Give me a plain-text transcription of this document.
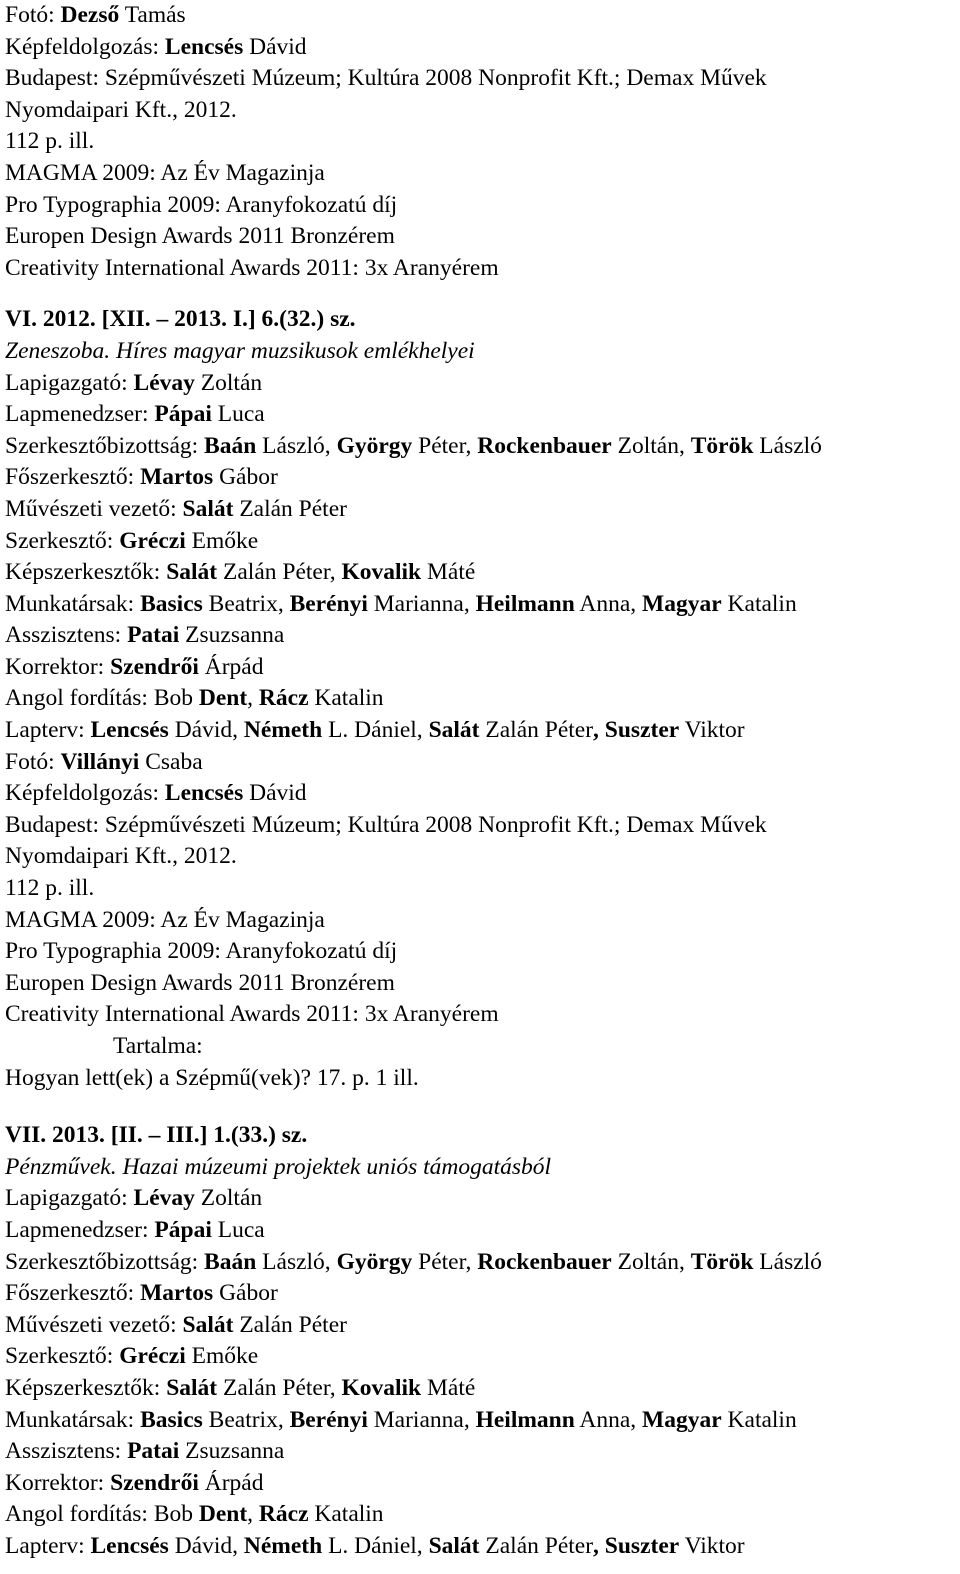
Fotó: Dezső Tamás
Képfeldolgozás: Lencsés Dávid
Budapest: Szépművészeti Múzeum; Kultúra 2008 Nonprofit Kft.; Demax Művek
Nyomdaipari Kft., 2012.
112 p. ill.
MAGMA 2009: Az Év Magazinja
Pro Typographia 2009: Aranyfokozatú díj
Europen Design Awards 2011 Bronzérem
Creativity International Awards 2011: 3x Aranyérem
VI. 2012. [XII. – 2013. I.] 6.(32.) sz.
Zeneszoba. Híres magyar muzsikusok emlékhelyei
Lapigazgató: Lévay Zoltán
Lapmenedzser: Pápai Luca
Szerkesztőbizottság: Baán László, György Péter, Rockenbauer Zoltán, Török László
Főszerkesztő: Martos Gábor
Művészeti vezető: Salát Zalán Péter
Szerkesztő: Gréczi Emőke
Képszerkesztők: Salát Zalán Péter, Kovalik Máté
Munkatársak: Basics Beatrix, Berényi Marianna, Heilmann Anna, Magyar Katalin
Asszisztens: Patai Zsuzsanna
Korrektor: Szendrői Árpád
Angol fordítás: Bob Dent, Rácz Katalin
Lapterv: Lencsés Dávid, Németh L. Dániel, Salát Zalán Péter, Suszter Viktor
Fotó: Villányi Csaba
Képfeldolgozás: Lencsés Dávid
Budapest: Szépművészeti Múzeum; Kultúra 2008 Nonprofit Kft.; Demax Művek
Nyomdaipari Kft., 2012.
112 p. ill.
MAGMA 2009: Az Év Magazinja
Pro Typographia 2009: Aranyfokozatú díj
Europen Design Awards 2011 Bronzérem
Creativity International Awards 2011: 3x Aranyérem
Tartalma:
Hogyan lett(ek) a Szépmű(vek)? 17. p. 1 ill.
VII. 2013. [II. – III.] 1.(33.) sz.
Pénzművek. Hazai múzeumi projektek uniós támogatásból
Lapigazgató: Lévay Zoltán
Lapmenedzser: Pápai Luca
Szerkesztőbizottság: Baán László, György Péter, Rockenbauer Zoltán, Török László
Főszerkesztő: Martos Gábor
Művészeti vezető: Salát Zalán Péter
Szerkesztő: Gréczi Emőke
Képszerkesztők: Salát Zalán Péter, Kovalik Máté
Munkatársak: Basics Beatrix, Berényi Marianna, Heilmann Anna, Magyar Katalin
Asszisztens: Patai Zsuzsanna
Korrektor: Szendrői Árpád
Angol fordítás: Bob Dent, Rácz Katalin
Lapterv: Lencsés Dávid, Németh L. Dániel, Salát Zalán Péter, Suszter Viktor
